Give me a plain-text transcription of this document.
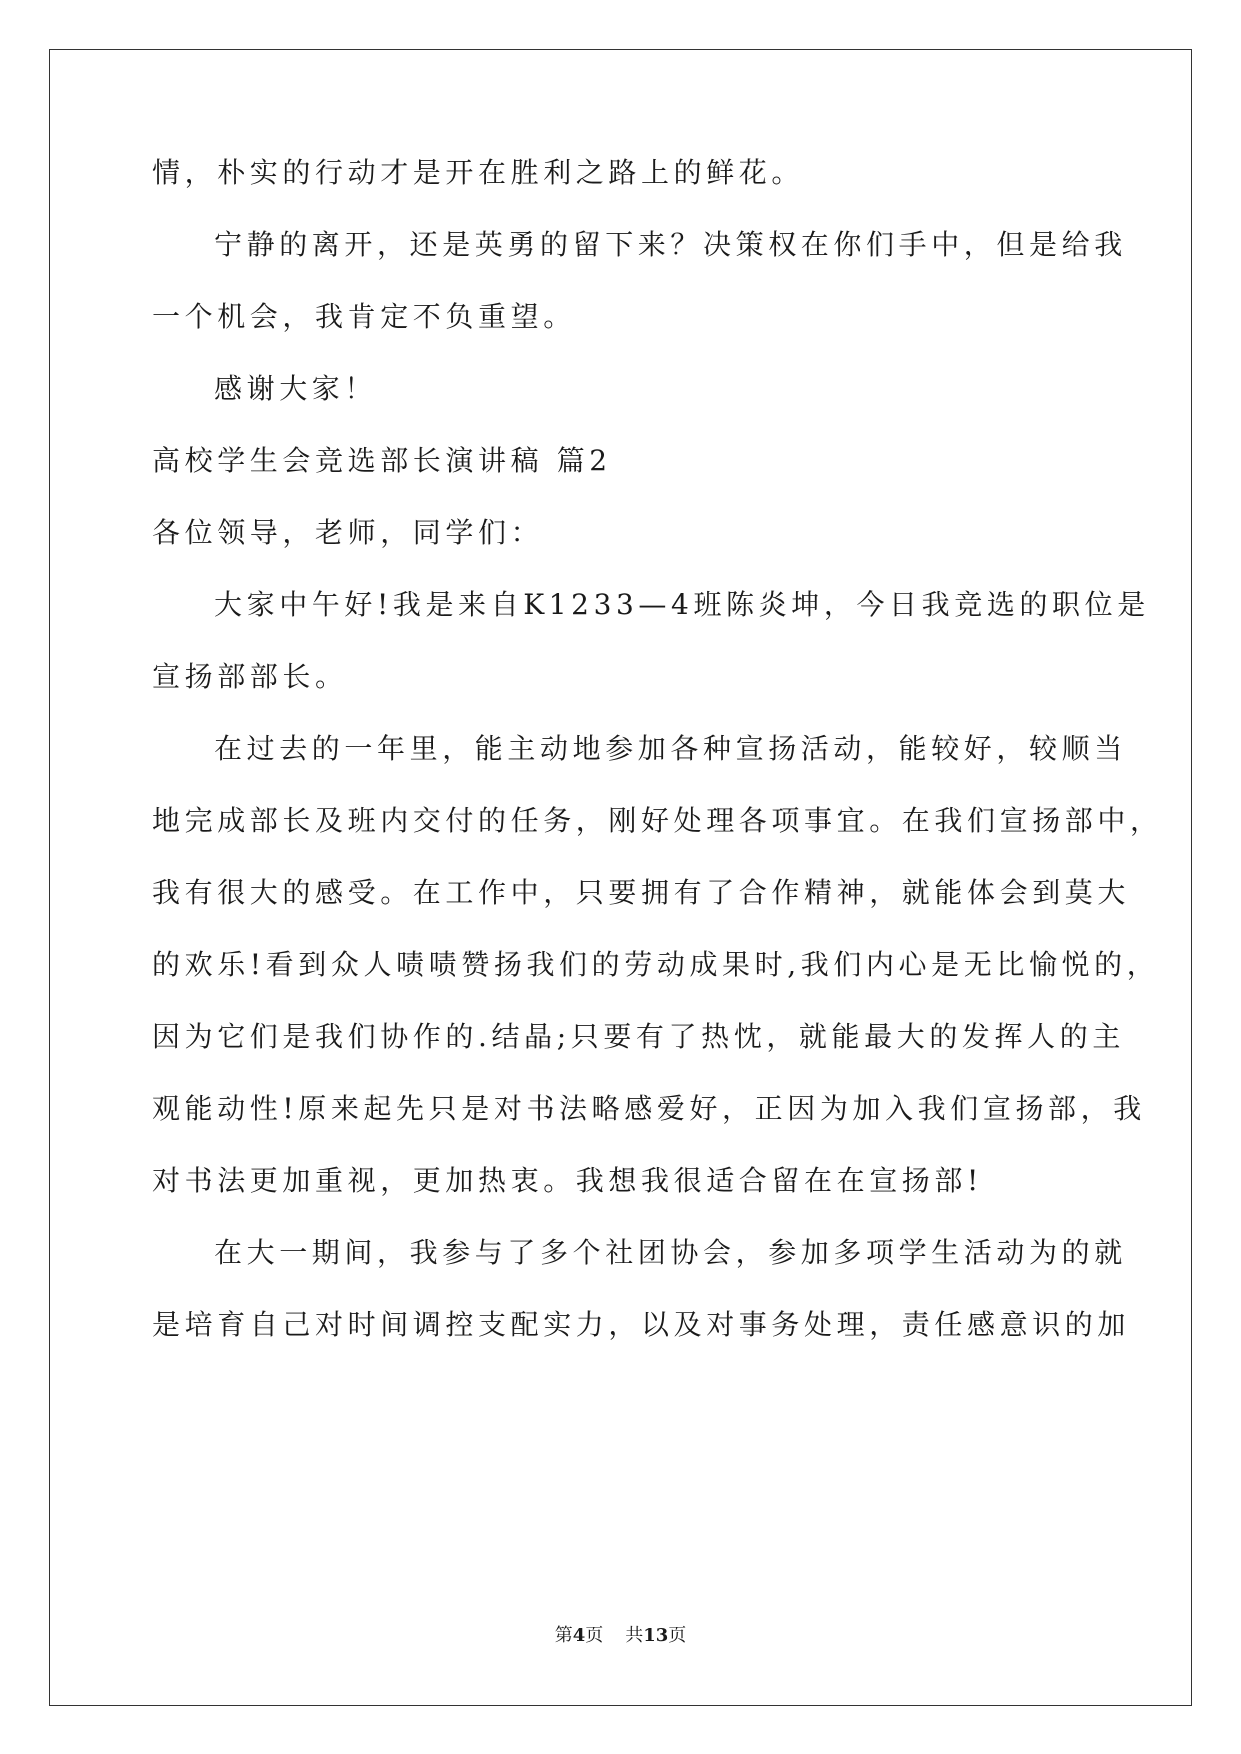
情，朴实的行动才是开在胜利之路上的鲜花。
宁静的离开，还是英勇的留下来？决策权在你们手中，但是给我
一个机会，我肯定不负重望。
感谢大家！
高校学生会竞选部长演讲稿 篇2
各位领导，老师，同学们：
大家中午好!我是来自K1233—4班陈炎坤，今日我竞选的职位是
宣扬部部长。
在过去的一年里，能主动地参加各种宣扬活动，能较好，较顺当
地完成部长及班内交付的任务，刚好处理各项事宜。在我们宣扬部中，
我有很大的感受。在工作中，只要拥有了合作精神，就能体会到莫大
的欢乐!看到众人啧啧赞扬我们的劳动成果时,我们内心是无比愉悦的，
因为它们是我们协作的.结晶;只要有了热忱，就能最大的发挥人的主
观能动性!原来起先只是对书法略感爱好，正因为加入我们宣扬部，我
对书法更加重视，更加热衷。我想我很适合留在在宣扬部!
在大一期间，我参与了多个社团协会，参加多项学生活动为的就
是培育自己对时间调控支配实力，以及对事务处理，责任感意识的加
第4页 共13页
